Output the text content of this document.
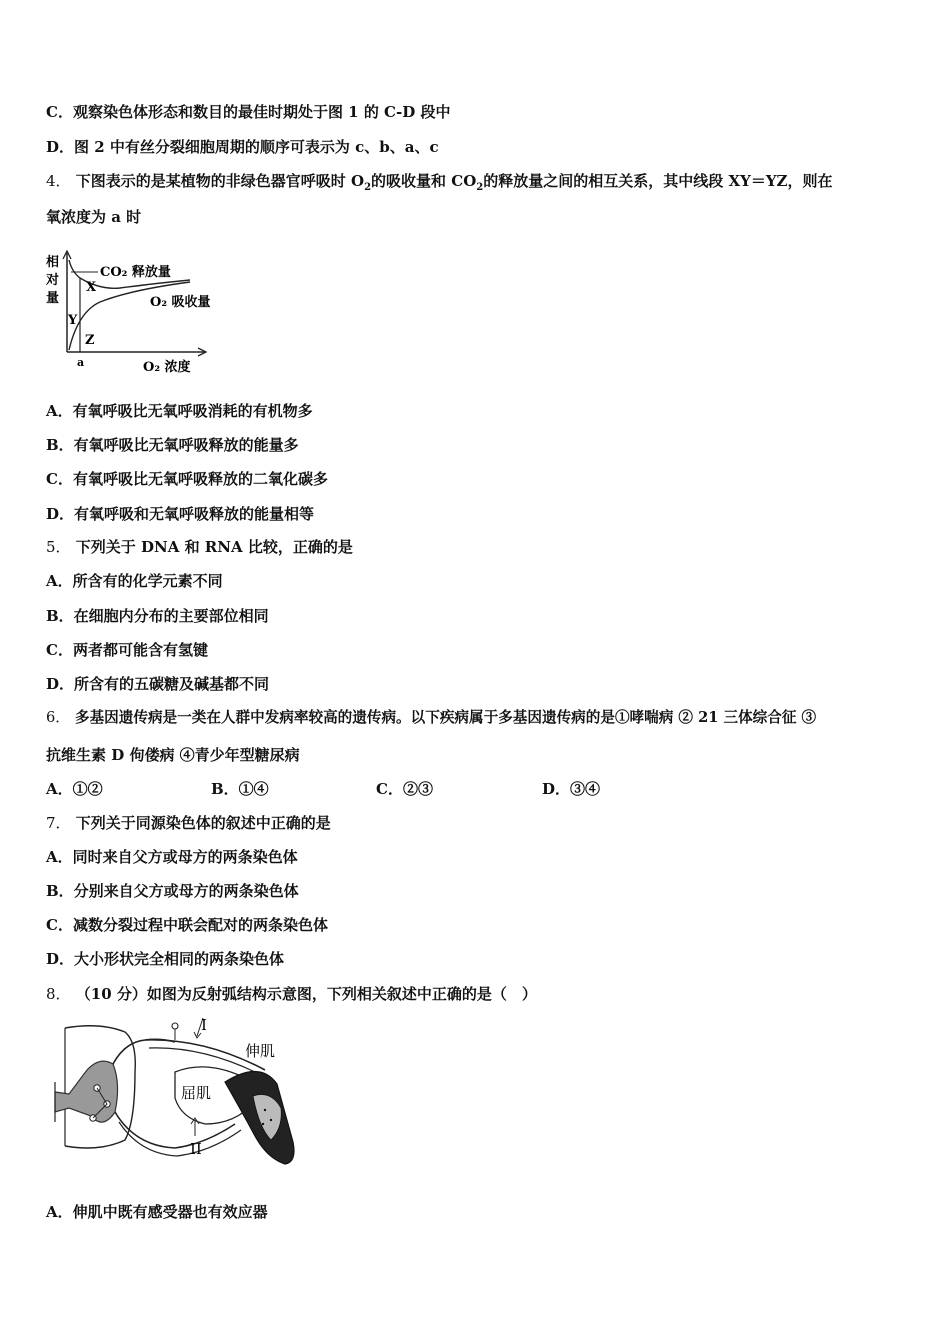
C．观察染色体形态和数目的最佳时期处于图 1 的 C-D 段中
D．图 2 中有丝分裂细胞周期的顺序可表示为 c、b、a、c
4． 下图表示的是某植物的非绿色器官呼吸时 $O_2$的吸收量和 $CO_2$的释放量之间的相互关系，其中线段 XY＝YZ，则在
氧浓度为 a 时
相
对
量
CO₂ 释放量
O₂ 吸收量
X
Y
Z
a	O₂ 浓度
A．有氧呼吸比无氧呼吸消耗的有机物多
B．有氧呼吸比无氧呼吸释放的能量多
C．有氧呼吸比无氧呼吸释放的二氧化碳多
D．有氧呼吸和无氧呼吸释放的能量相等
5． 下列关于 DNA 和 RNA 比较，正确的是
A．所含有的化学元素不同
B．在细胞内分布的主要部位相同
C．两者都可能含有氢键
D．所含有的五碳糖及碱基都不同
6． 多基因遗传病是一类在人群中发病率较高的遗传病。以下疾病属于多基因遗传病的是①哮喘病 ② 21 三体综合征 ③
抗维生素 D 佝偻病 ④青少年型糖尿病
A．①②	B．①④	C．②③	D．③④
7． 下列关于同源染色体的叙述中正确的是
A．同时来自父方或母方的两条染色体
B．分别来自父方或母方的两条染色体
C．减数分裂过程中联会配对的两条染色体
D．大小形状完全相同的两条染色体
8． （10 分）如图为反射弧结构示意图，下列相关叙述中正确的是（　）
I
伸肌
屈肌
II
A．伸肌中既有感受器也有效应器
